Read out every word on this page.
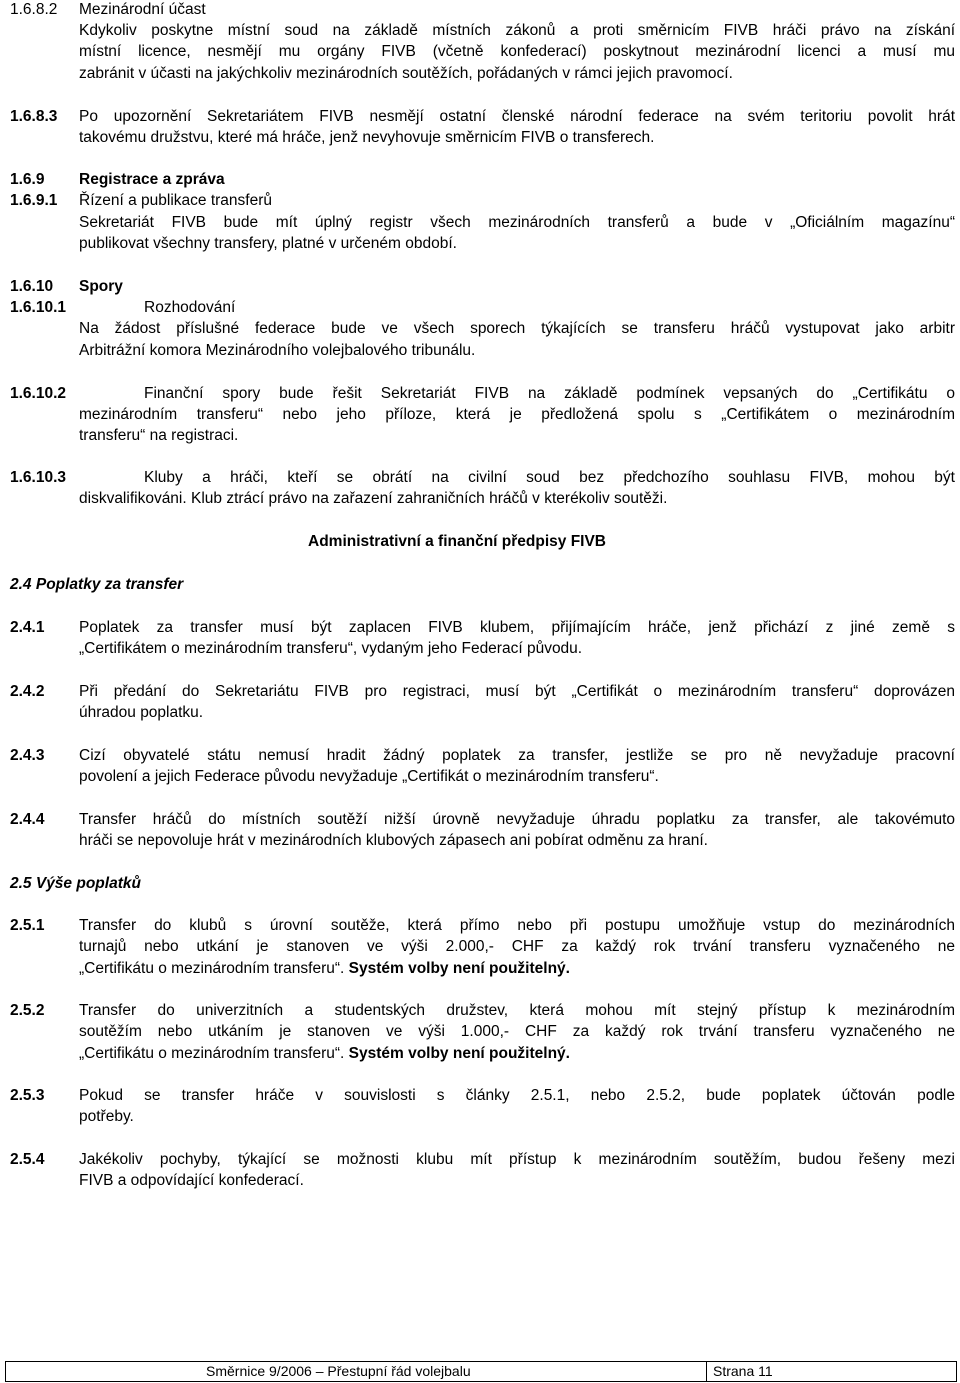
1.6.8.2 Mezinárodní účast
Kdykoliv poskytne místní soud na základě místních zákonů a proti směrnicím FIVB hráči právo na získání
místní licence, nesmějí mu orgány FIVB (včetně konfederací) poskytnout mezinárodní licenci a musí mu
zabránit v účasti na jakýchkoliv mezinárodních soutěžích, pořádaných v rámci jejich pravomocí.
1.6.8.3 Po upozornění Sekretariátem FIVB nesmějí ostatní členské národní federace na svém teritoriu povolit hrát
takovému družstvu, které má hráče, jenž nevyhovuje směrnicím FIVB o transferech.
1.6.9 Registrace a zpráva
1.6.9.1 Řízení a publikace transferů
Sekretariát FIVB bude mít úplný registr všech mezinárodních transferů a bude v „Oficiálním magazínu“
publikovat všechny transfery, platné v určeném období.
1.6.10 Spory
1.6.10.1	Rozhodování
Na žádost příslušné federace bude ve všech sporech týkajících se transferu hráčů vystupovat jako arbitr
Arbitrážní komora Mezinárodního volejbalového tribunálu.
1.6.10.2	Finanční spory bude řešit Sekretariát FIVB na základě podmínek vepsaných do „Certifikátu o
mezinárodním transferu“ nebo jeho příloze, která je předložená spolu s „Certifikátem o mezinárodním
transferu“ na registraci.
1.6.10.3	Kluby a hráči, kteří se obrátí na civilní soud bez předchozího souhlasu FIVB, mohou být
diskvalifikováni. Klub ztrácí právo na zařazení zahraničních hráčů v kterékoliv soutěži.
Administrativní a finanční předpisy FIVB
2.4 Poplatky za transfer
2.4.1 Poplatek za transfer musí být zaplacen FIVB klubem, přijímajícím hráče, jenž přichází z jiné země s
„Certifikátem o mezinárodním transferu“, vydaným jeho Federací původu.
2.4.2 Při předání do Sekretariátu FIVB pro registraci, musí být „Certifikát o mezinárodním transferu“ doprovázen
úhradou poplatku.
2.4.3 Cizí obyvatelé státu nemusí hradit žádný poplatek za transfer, jestliže se pro ně nevyžaduje pracovní
povolení a jejich Federace původu nevyžaduje „Certifikát o mezinárodním transferu“.
2.4.4 Transfer hráčů do místních soutěží nižší úrovně nevyžaduje úhradu poplatku za transfer, ale takovémuto
hráči se nepovoluje hrát v mezinárodních klubových zápasech ani pobírat odměnu za hraní.
2.5 Výše poplatků
2.5.1 Transfer do klubů s úrovní soutěže, která přímo nebo při postupu umožňuje vstup do mezinárodních
turnajů nebo utkání je stanoven ve výši 2.000,- CHF za každý rok trvání transferu vyznačeného ne
„Certifikátu o mezinárodním transferu“. Systém volby není použitelný.
2.5.2 Transfer do univerzitních a studentských družstev, která mohou mít stejný přístup k mezinárodním
soutěžím nebo utkáním je stanoven ve výši 1.000,- CHF za každý rok trvání transferu vyznačeného ne
„Certifikátu o mezinárodním transferu“. Systém volby není použitelný.
2.5.3 Pokud se transfer hráče v souvislosti s články 2.5.1, nebo 2.5.2, bude poplatek účtován podle
potřeby.
2.5.4 Jakékoliv pochyby, týkající se možnosti klubu mít přístup k mezinárodním soutěžím, budou řešeny mezi
FIVB a odpovídající konfederací.
Směrnice 9/2006 – Přestupní řád volejbalu	Strana 11
